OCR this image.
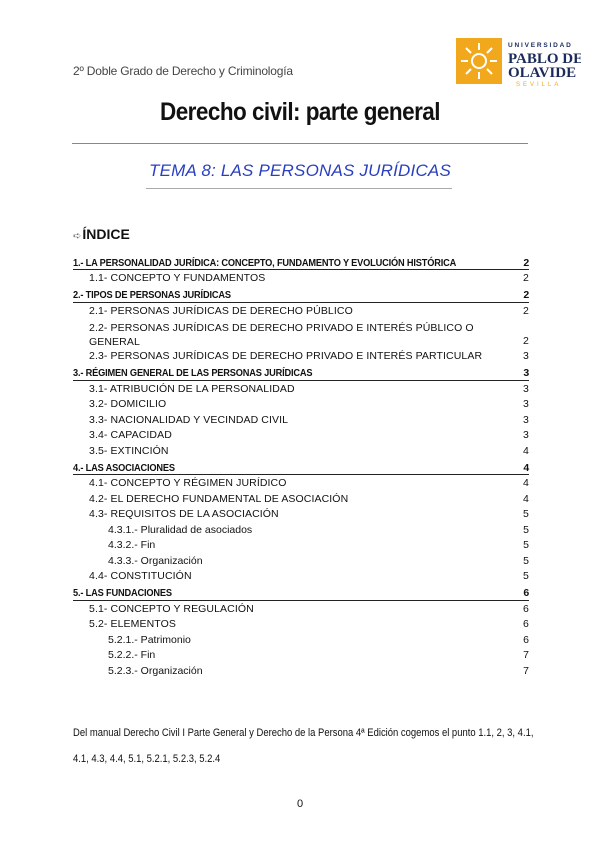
2º Doble Grado de Derecho y Criminología
UNIVERSIDAD
PABLO DE
OLAVIDE
SEVILLA
Derecho civil: parte general
TEMA 8: LAS PERSONAS JURÍDICAS
➪ÍNDICE
1.- LA PERSONALIDAD JURÍDICA: CONCEPTO, FUNDAMENTO Y EVOLUCIÓN HISTÓRICA	2
1.1- CONCEPTO Y FUNDAMENTOS	2
2.- TIPOS DE PERSONAS JURÍDICAS	2
2.1- PERSONAS JURÍDICAS DE DERECHO PÚBLICO	2
2.2- PERSONAS JURÍDICAS DE DERECHO PRIVADO E INTERÉS PÚBLICO O GENERAL	2
2.3- PERSONAS JURÍDICAS DE DERECHO PRIVADO E INTERÉS PARTICULAR	3
3.- RÉGIMEN GENERAL DE LAS PERSONAS JURÍDICAS	3
3.1- ATRIBUCIÓN DE LA PERSONALIDAD	3
3.2- DOMICILIO	3
3.3- NACIONALIDAD Y VECINDAD CIVIL	3
3.4- CAPACIDAD	3
3.5- EXTINCIÓN	4
4.- LAS ASOCIACIONES	4
4.1- CONCEPTO Y RÉGIMEN JURÍDICO	4
4.2- EL DERECHO FUNDAMENTAL DE ASOCIACIÓN	4
4.3- REQUISITOS DE LA ASOCIACIÓN	5
4.3.1.- Pluralidad de asociados	5
4.3.2.- Fin	5
4.3.3.- Organización	5
4.4- CONSTITUCIÓN	5
5.- LAS FUNDACIONES	6
5.1- CONCEPTO Y REGULACIÓN	6
5.2- ELEMENTOS	6
5.2.1.- Patrimonio	6
5.2.2.- Fin	7
5.2.3.- Organización	7
Del manual Derecho Civil I Parte General y Derecho de la Persona 4ª Edición cogemos el punto 1.1, 2, 3, 4.1, 4.1, 4.3, 4.4, 5.1, 5.2.1, 5.2.3, 5.2.4
0
